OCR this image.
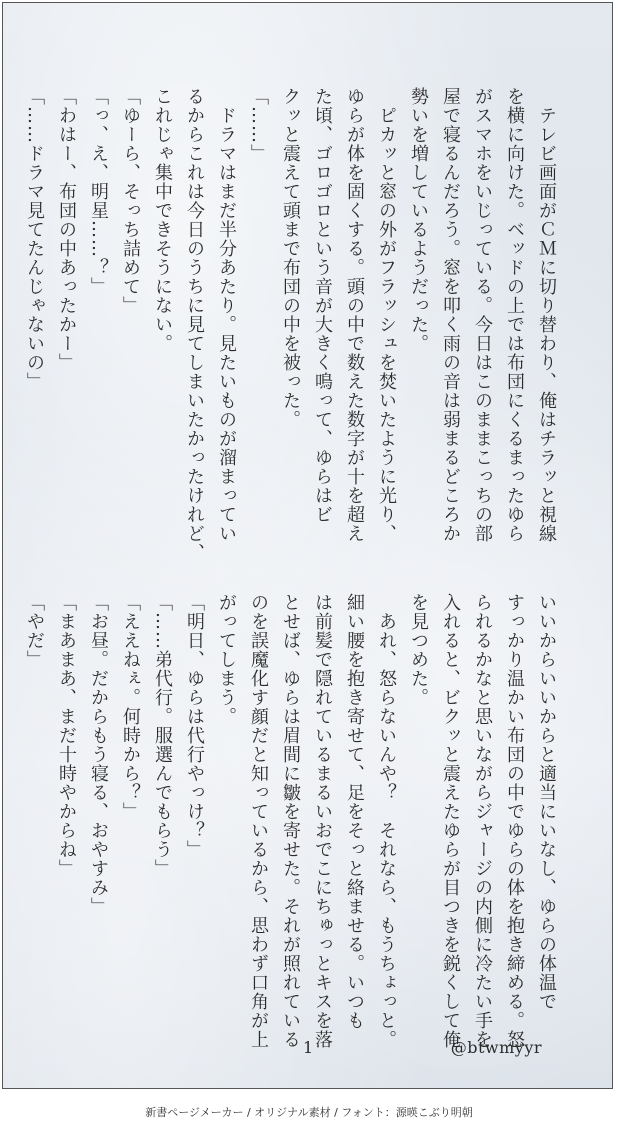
　テレビ画面がＣＭに切り替わり、俺はチラッと視線

を横に向けた。ベッドの上では布団にくるまったゆら

がスマホをいじっている。今日はこのままこっちの部

屋で寝るんだろう。窓を叩く雨の音は弱まるどころか

勢いを増しているようだった。

　ピカッと窓の外がフラッシュを焚いたように光り、

ゆらが体を固くする。頭の中で数えた数字が十を超え

た頃、ゴロゴロという音が大きく鳴って、ゆらはビ

クッと震えて頭まで布団の中を被った。

「……」

　ドラマはまだ半分あたり。見たいものが溜まってい

るからこれは今日のうちに見てしまいたかったけれど、

これじゃ集中できそうにない。

「ゆーら、そっち詰めて」

「っ、え、明星……？」

「わはー、布団の中あったかー」

「……ドラマ見てたんじゃないの」

いいからいいからと適当にいなし、ゆらの体温で

すっかり温かい布団の中でゆらの体を抱き締める。怒

られるかなと思いながらジャージの内側に冷たい手を

入れると、ビクッと震えたゆらが目つきを鋭くして俺

を見つめた。

　あれ、怒らないんや？　それなら、もうちょっと。

細い腰を抱き寄せて、足をそっと絡ませる。いつも

は前髪で隠れているまるいおでこにちゅっとキスを落

とせば、ゆらは眉間に皺を寄せた。それが照れている

のを誤魔化す顔だと知っているから、思わず口角が上

がってしまう。

「明日、ゆらは代行やっけ？」

「……弟代行。服選んでもらう」

「ええねぇ。何時から？」

「お昼。だからもう寝る、おやすみ」

「まあまあ、まだ十時やからね」

「やだ」

1	@btwmyyr
新書ページメーカー / オリジナル素材 / フォント：源暎こぶり明朝
